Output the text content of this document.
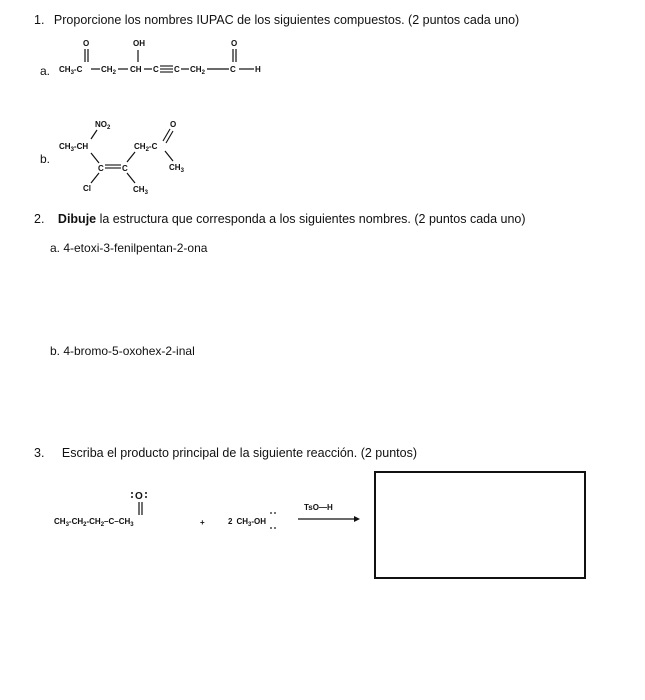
1. Proporcione los nombres IUPAC de los siguientes compuestos. (2 puntos cada uno)
a.
O	OH	O
$CH_3-C$ $CH_2$ CH C C $CH_2$	C H
b.
$NO_2$
$CH_3-CH$
C C
Cl	$CH_3$
$CH_2-C$
O
$CH_3$
2. Dibuje la estructura que corresponda a los siguientes nombres. (2 puntos cada uno)
a. 4-etoxi-3-fenilpentan-2-ona
b. 4-bromo-5-oxohex-2-inal
3. Escriba el producto principal de la siguiente reacción. (2 puntos)
O
$CH_3-CH_2-CH_2-C-CH_3$	+	2 $CH_3-OH$
TsO—H
